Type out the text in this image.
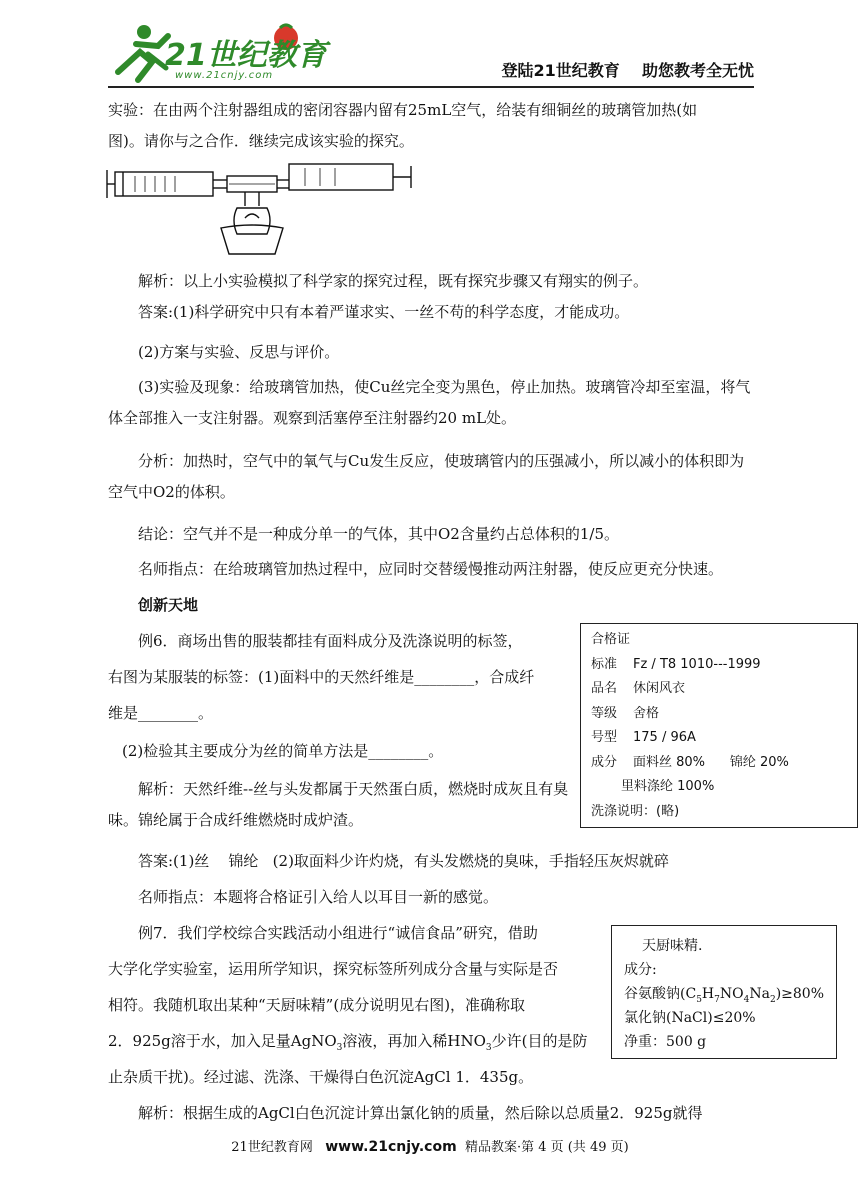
21世纪教育
www.21cnjy.com	登陆21世纪教育    助您教考全无忧

实验：在由两个注射器组成的密闭容器内留有25mL空气，给装有细铜丝的玻璃管加热(如

图)。请你与之合作．继续完成该实验的探究。

解析：以上小实验模拟了科学家的探究过程，既有探究步骤又有翔实的例子。

答案:(1)科学研究中只有本着严谨求实、一丝不苟的科学态度，才能成功。

(2)方案与实验、反思与评价。

(3)实验及现象：给玻璃管加热，使Cu丝完全变为黑色，停止加热。玻璃管冷却至室温，将气体全部推入一支注射器。观察到活塞停至注射器约20 mL处。

分析：加热时，空气中的氧气与Cu发生反应，使玻璃管内的压强减小，所以减小的体积即为空气中O2的体积。

结论：空气并不是一种成分单一的气体，其中O2含量约占总体积的1/5。

名师指点：在给玻璃管加热过程中，应同时交替缓慢推动两注射器，使反应更充分快速。

创新天地

例6．商场出售的服装都挂有面料成分及洗涤说明的标签，

右图为某服装的标签：(1)面料中的天然纤维是________，合成纤

维是________。

(2)检验其主要成分为丝的简单方法是________。

解析：天然纤维--丝与头发都属于天然蛋白质，燃烧时成灰且有臭味。锦纶属于合成纤维燃烧时成炉渣。

合格证
标准 Fz / T8 1010---1999
品名 休闲风衣
等级 舍格
号型 175 / 96A
成分 面料丝 80%      锦纶 20%
里料涤纶 100%
洗涤说明：(略)

答案:(1)丝    锦纶   (2)取面料少许灼烧，有头发燃烧的臭味，手指轻压灰烬就碎

名师指点：本题将合格证引入给人以耳目一新的感觉。

例7．我们学校综合实践活动小组进行“诚信食品”研究，借助

大学化学实验室，运用所学知识，探究标签所列成分含量与实际是否

相符。我随机取出某种“天厨味精”(成分说明见右图)，准确称取

2．925g溶于水，加入足量AgNO$_3$溶液，再加入稀$HNO_3$少许(目的是防

止杂质干扰)。经过滤、洗涤、干燥得白色沉淀AgCl 1．435g。

解析：根据生成的AgCl白色沉淀计算出氯化钠的质量，然后除以总质量2．925g就得

天厨味精.
成分:
谷氨酸钠$(C_5H_7NO_4Na_2)\ge 80\%$
氯化钠(NaCl)≤20%
净重：500 g
21世纪教育网 www.21cnjy.com 精品教案·第 4 页 (共 49 页)
